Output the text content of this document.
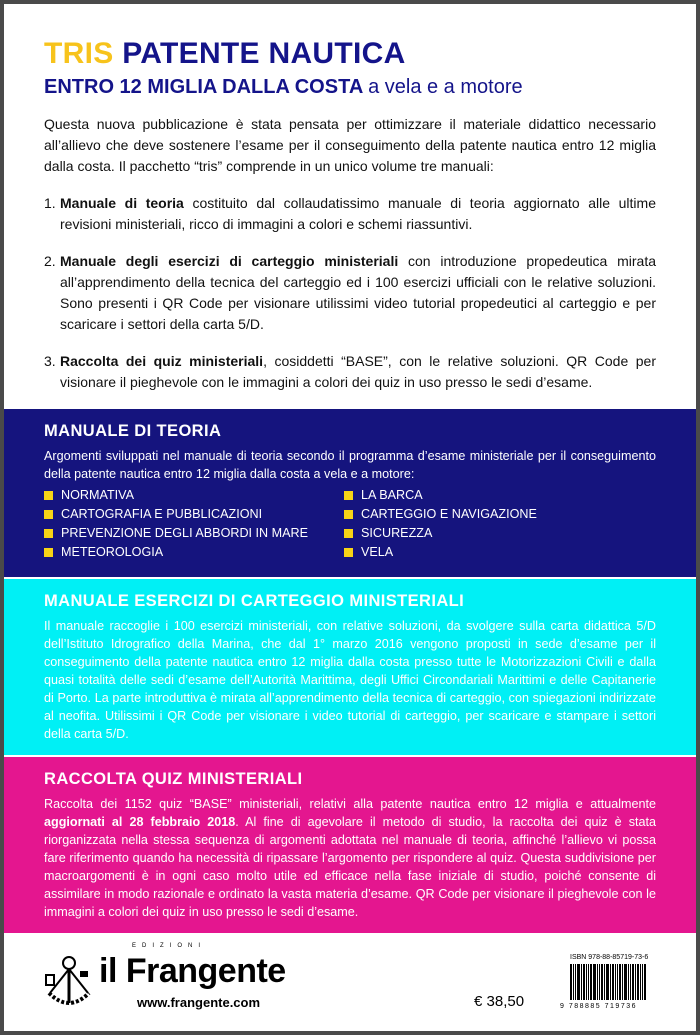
TRIS PATENTE NAUTICA
ENTRO 12 MIGLIA DALLA COSTA a vela e a motore

Questa nuova pubblicazione è stata pensata per ottimizzare il materiale didattico necessario all’allievo che deve sostenere l’esame per il conseguimento della patente nautica entro 12 miglia dalla costa. Il pacchetto “tris” comprende in un unico volume tre manuali:

1. Manuale di teoria costituito dal collaudatissimo manuale di teoria aggiornato alle ultime revisioni ministeriali, ricco di immagini a colori e schemi riassuntivi.
2. Manuale degli esercizi di carteggio ministeriali con introduzione propedeutica mirata all’apprendimento della tecnica del carteggio ed i 100 esercizi ufficiali con le relative soluzioni. Sono presenti i QR Code per visionare utilissimi video tutorial propedeutici al carteggio e per scaricare i settori della carta 5/D.
3. Raccolta dei quiz ministeriali, cosiddetti “BASE”, con le relative soluzioni. QR Code per visionare il pieghevole con le immagini a colori dei quiz in uso presso le sedi d’esame.
MANUALE DI TEORIA

Argomenti sviluppati nel manuale di teoria secondo il programma d’esame ministeriale per il conseguimento della patente nautica entro 12 miglia dalla costa a vela e a motore:

NORMATIVA	LA BARCA
CARTOGRAFIA E PUBBLICAZIONI	CARTEGGIO E NAVIGAZIONE
PREVENZIONE DEGLI ABBORDI IN MARE	SICUREZZA
METEOROLOGIA	VELA
MANUALE ESERCIZI DI CARTEGGIO MINISTERIALI

Il manuale raccoglie i 100 esercizi ministeriali, con relative soluzioni, da svolgere sulla carta didattica 5/D dell’Istituto Idrografico della Marina, che dal 1° marzo 2016 vengono proposti in sede d’esame per il conseguimento della patente nautica entro 12 miglia dalla costa presso tutte le Motorizzazioni Civili e dalla quasi totalità delle sedi d’esame dell’Autorità Marittima, degli Uffici Circondariali Marittimi e delle Capitanerie di Porto. La parte introduttiva è mirata all’apprendimento della tecnica di carteggio, con spiegazioni indirizzate al neofita. Utilissimi i QR Code per visionare i video tutorial di carteggio, per scaricare e stampare i settori della carta 5/D.

RACCOLTA QUIZ MINISTERIALI

Raccolta dei 1152 quiz “BASE” ministeriali, relativi alla patente nautica entro 12 miglia e attualmente aggiornati al 28 febbraio 2018. Al fine di agevolare il metodo di studio, la raccolta dei quiz è stata riorganizzata nella stessa sequenza di argomenti adottata nel manuale di teoria, affinché l’allievo vi possa fare riferimento quando ha necessità di ripassare l’argomento per rispondere al quiz. Questa suddivisione per macroargomenti è in ogni caso molto utile ed efficace nella fase iniziale di studio, poiché consente di assimilare in modo razionale e ordinato la vasta materia d’esame. QR Code per visionare il pieghevole con le immagini a colori dei quiz in uso presso le sedi d’esame.

EDIZIONI
il Frangente
www.frangente.com	€ 38,50
ISBN 978-88-85719-73-6
9 788885 719736
